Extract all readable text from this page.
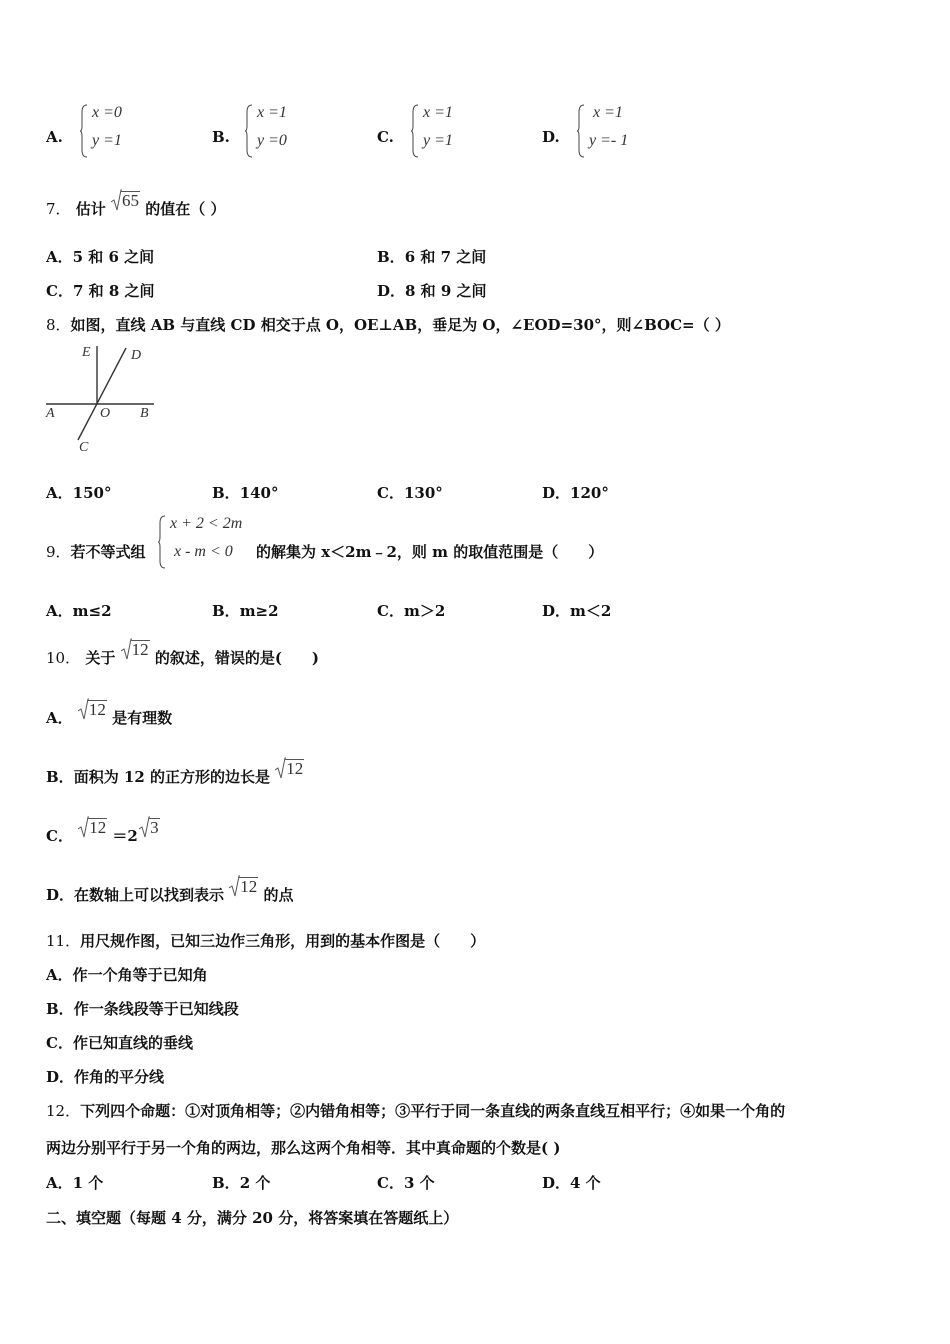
A.
x =0
y =1	B.
x =1
y =0	C.
x =1
y =1	D.
x =1
y =- 1
7． 估计 65 的值在（ ）
A．5 和 6 之间	B．6 和 7 之间
C．7 和 8 之间	D．8 和 9 之间
8．如图，直线 AB 与直线 CD 相交于点 O，OE⊥AB，垂足为 O，∠EOD=30°，则∠BOC=（ ）
E	D
A	O B
C
A．150°	B．140°	C．130°	D．120°
9．若不等式组
x + 2 < 2m
x - m < 0 的解集为 x＜2m﹣2，则 m 的取值范围是（　　）
A．m≤2	B．m≥2	C．m＞2	D．m＜2
10． 关于 12 的叙述，错误的是(　　)
A． 12 是有理数
B．面积为 12 的正方形的边长是 12
C． 12 ＝2 3
D．在数轴上可以找到表示 12 的点
11．用尺规作图，已知三边作三角形，用到的基本作图是（　　）
A．作一个角等于已知角
B．作一条线段等于已知线段
C．作已知直线的垂线
D．作角的平分线
12．下列四个命题：①对顶角相等；②内错角相等；③平行于同一条直线的两条直线互相平行；④如果一个角的
两边分别平行于另一个角的两边，那么这两个角相等．其中真命题的个数是( )
A．1 个	B．2 个	C．3 个	D．4 个
二、填空题（每题 4 分，满分 20 分，将答案填在答题纸上）
